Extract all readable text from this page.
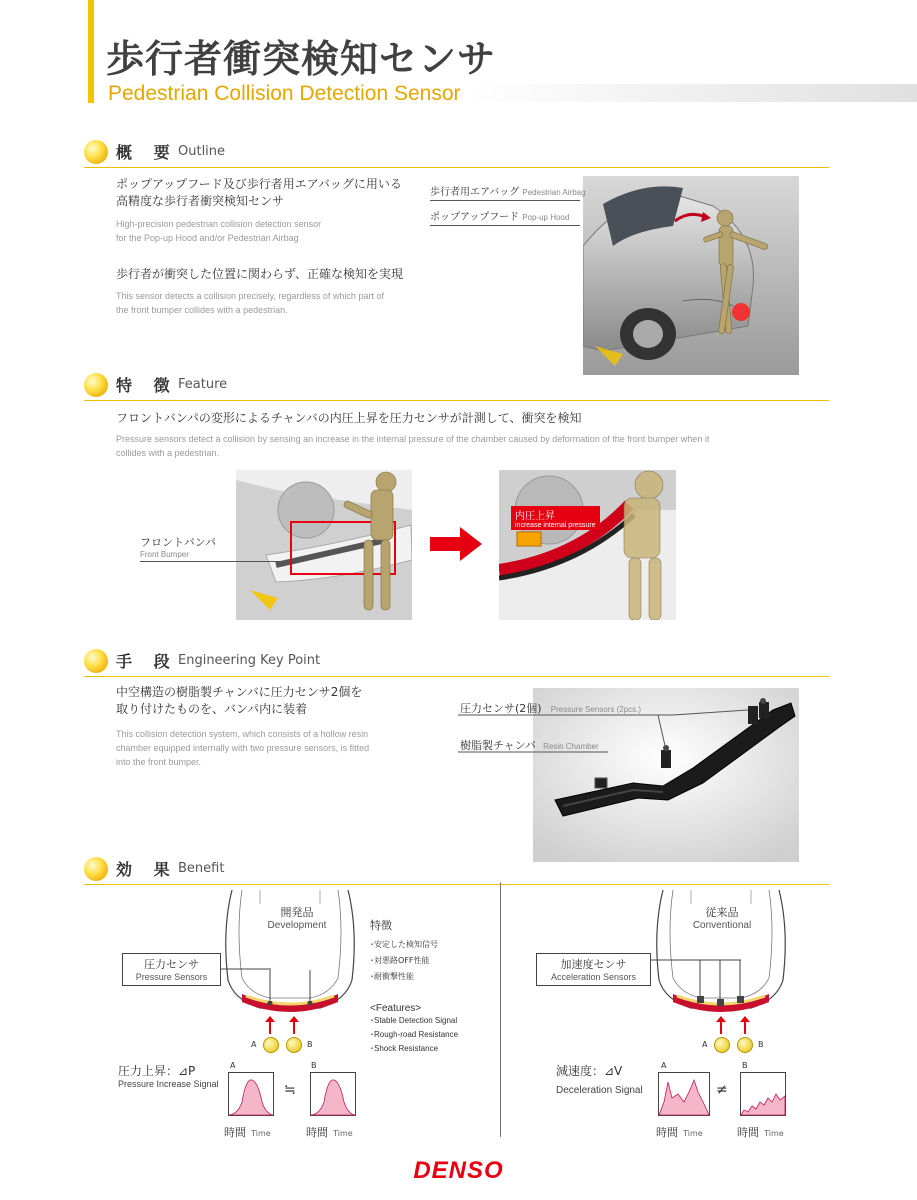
歩行者衝突検知センサ
Pedestrian Collision Detection Sensor
概 要 Outline
ポップアップフード及び歩行者用エアバッグに用いる
高精度な歩行者衝突検知センサ
High-precision pedestrian collision detection sensor
for the Pop-up Hood and/or Pedestrian Airbag
歩行者が衝突した位置に関わらず、正確な検知を実現
This sensor detects a collision precisely, regardless of which part of
the front bumper collides with a pedestrian.
歩行者用エアバッグ Pedestrian Airbag
ポップアップフード Pop-up Hood
特 徴 Feature
フロントバンパの変形によるチャンバの内圧上昇を圧力センサが計測して、衝突を検知
Pressure sensors detect a collision by sensing an increase in the internal pressure of the chamber caused by deformation of the front bumper when it
collides with a pedestrian.
フロントバンパ
Front Bumper
内圧上昇
increase internal pressure
手 段 Engineering Key Point
中空構造の樹脂製チャンバに圧力センサ2個を
取り付けたものを、バンパ内に装着
This collision detection system, which consists of a hollow resin
chamber equipped internally with two pressure sensors, is fitted
into the front bumper.
圧力センサ(2個) Pressure Sensors (2pcs.)
樹脂製チャンバ Resin Chamber
効 果 Benefit
開発品
Development
圧力センサ
Pressure Sensors
A	B
圧力上昇：⊿P
Pressure Increase Signal
A	B
≒
時間 Time	時間 Time
特徴
･安定した検知信号
･対悪路OFF性能
･耐衝撃性能
<Features>
･Stable Detection Signal
･Rough-road Resistance
･Shock Resistance
従来品
Conventional
加速度センサ
Acceleration Sensors
A	B
減速度：⊿V
Deceleration Signal
A	B
≠
時間 Time	時間 Time
DENSO
